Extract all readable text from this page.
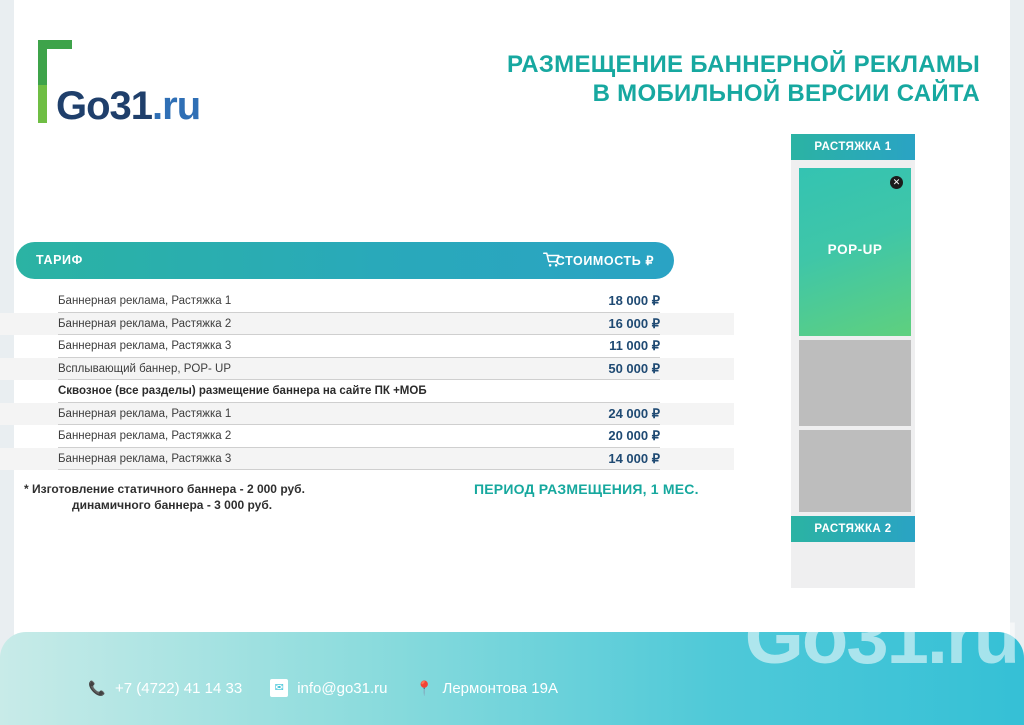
Go31.ru
РАЗМЕЩЕНИЕ БАННЕРНОЙ РЕКЛАМЫ
В МОБИЛЬНОЙ ВЕРСИИ САЙТА
ТАРИФ	СТОИМОСТЬ ₽
Баннерная реклама, Растяжка 1	18 000 ₽
Баннерная реклама, Растяжка 2	16 000 ₽
Баннерная реклама, Растяжка 3	11 000 ₽
Всплывающий баннер, POP- UP	50 000 ₽
Сквозное (все разделы) размещение баннера на сайте ПК +МОБ
Баннерная реклама, Растяжка 1	24 000 ₽
Баннерная реклама, Растяжка 2	20 000 ₽
Баннерная реклама, Растяжка 3	14 000 ₽
* Изготовление статичного баннера - 2 000 руб.
динамичного баннера - 3 000 руб.
ПЕРИОД РАЗМЕЩЕНИЯ, 1 МЕС.
РАСТЯЖКА 1
✕
POP-UP
РАСТЯЖКА 2
Go31.ru
📞 +7 (4722) 41 14 33	✉ info@go31.ru 📍 Лермонтова 19А
